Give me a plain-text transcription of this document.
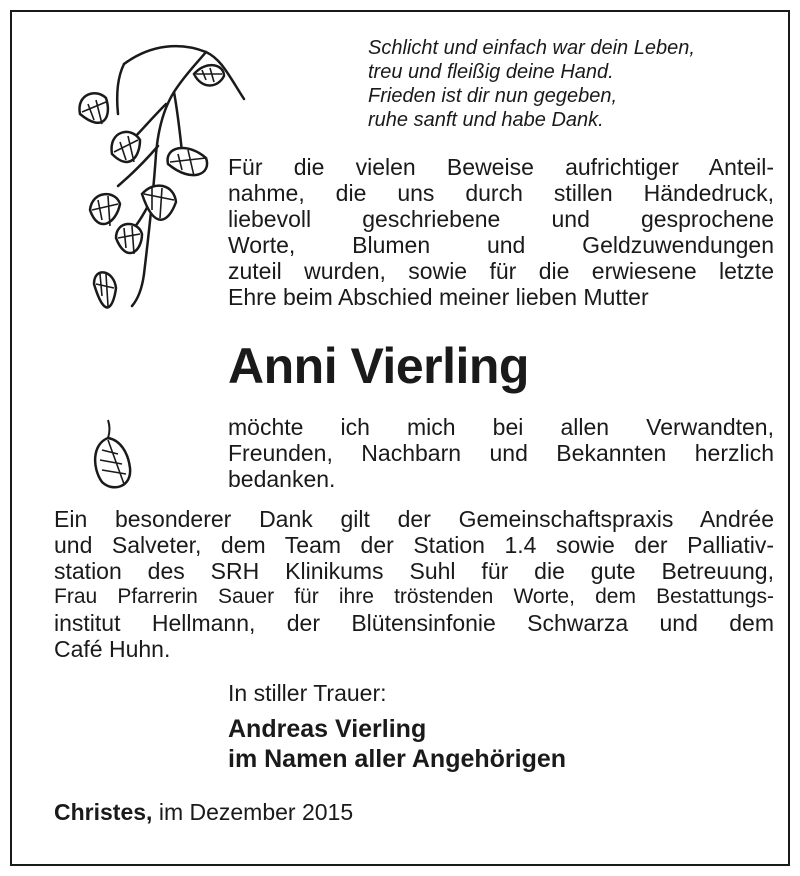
Schlicht und einfach war dein Leben,
treu und fleißig deine Hand.
Frieden ist dir nun gegeben,
ruhe sanft und habe Dank.
Für die vielen Beweise aufrichtiger Anteil-
nahme, die uns durch stillen Händedruck,
liebevoll geschriebene und gesprochene
Worte, Blumen und Geldzuwendungen
zuteil wurden, sowie für die erwiesene letzte
Ehre beim Abschied meiner lieben Mutter
Anni Vierling
möchte ich mich bei allen Verwandten,
Freunden, Nachbarn und Bekannten herzlich
bedanken.
Ein besonderer Dank gilt der Gemeinschaftspraxis Andrée
und Salveter, dem Team der Station 1.4 sowie der Palliativ-
station des SRH Klinikums Suhl für die gute Betreuung,
Frau Pfarrerin Sauer für ihre tröstenden Worte, dem Bestattungs-
institut Hellmann, der Blütensinfonie Schwarza und dem
Café Huhn.
In stiller Trauer:
Andreas Vierling
im Namen aller Angehörigen
Christes, im Dezember 2015
